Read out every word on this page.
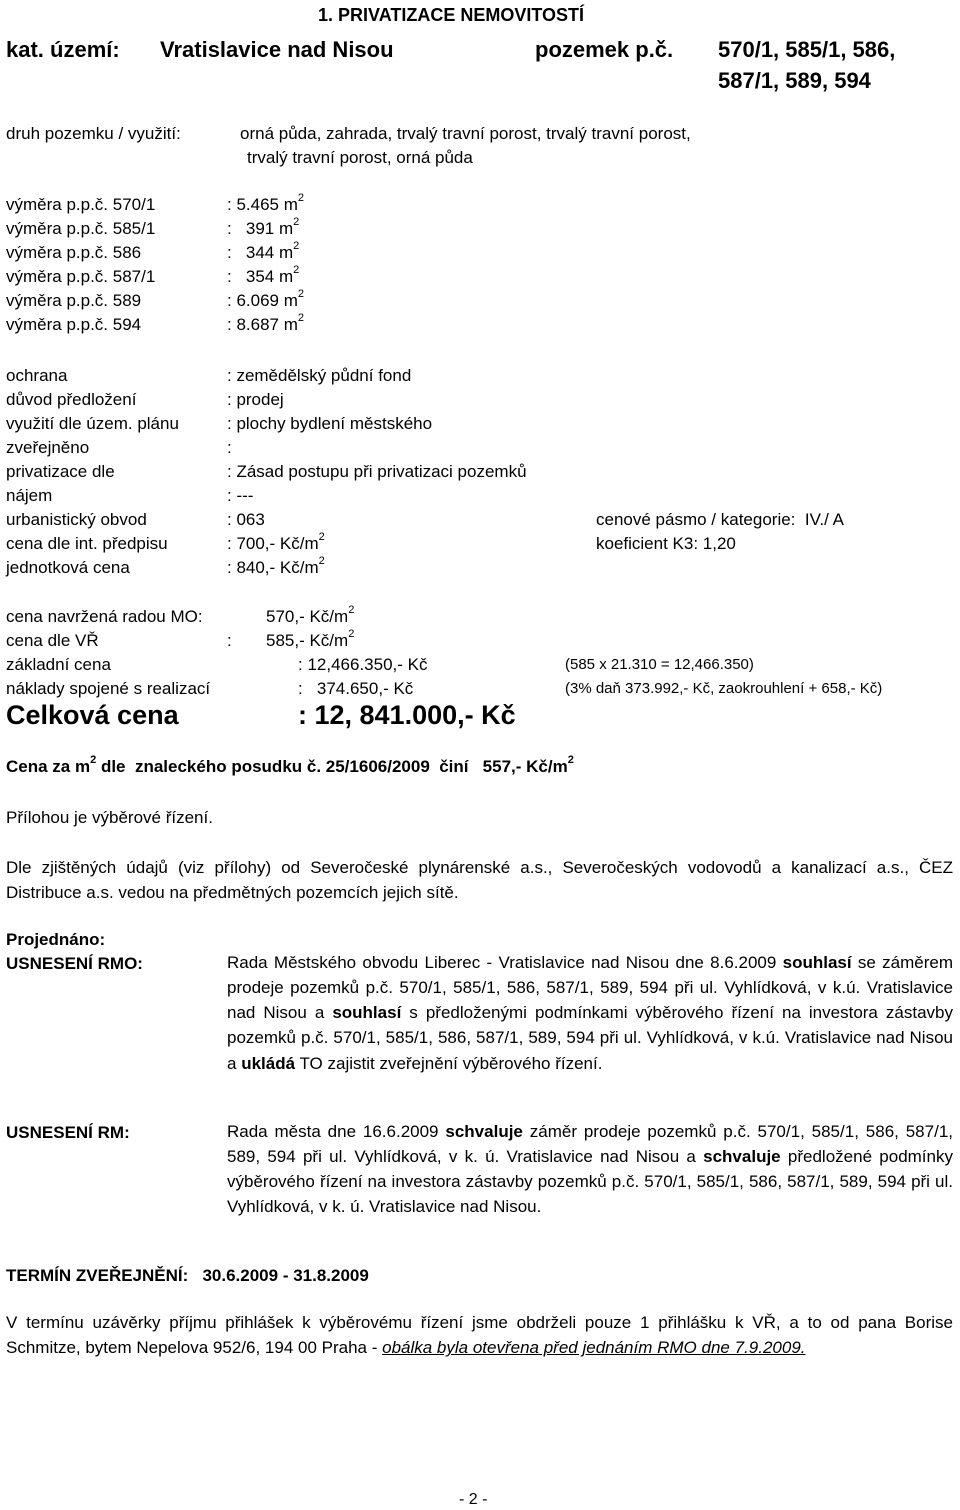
1. PRIVATIZACE NEMOVITOSTÍ
kat. území: Vratislavice nad Nisou	pozemek p.č. 570/1, 585/1, 586,
587/1, 589, 594
druh pozemku / využití:	orná půda, zahrada, trvalý travní porost, trvalý travní porost,
trvalý travní porost, orná půda
výměra p.p.č. 570/1	: 5.465 $m^2$
výměra p.p.č. 585/1	:   391 $m^2$
výměra p.p.č. 586	:   344 $m^2$
výměra p.p.č. 587/1	:   354 $m^2$
výměra p.p.č. 589	: 6.069 $m^2$
výměra p.p.č. 594	: 8.687 $m^2$
ochrana	: zemědělský půdní fond
důvod předložení	: prodej
využití dle územ. plánu	: plochy bydlení městského
zveřejněno	:
privatizace dle	: Zásad postupu při privatizaci pozemků
nájem	: ---
urbanistický obvod	: 063	cenové pásmo / kategorie:  IV./ A
cena dle int. předpisu	: 700,- $Kč/m^2$	koeficient K3: 1,20
jednotková cena	: 840,- $Kč/m^2$
cena navržená radou MO:	570,- $Kč/m^2$
cena dle VŘ	: 585,- $Kč/m^2$
základní cena	: 12,466.350,- Kč	(585 x 21.310 = 12,466.350)
náklady spojené s realizací	:   374.650,- Kč	(3% daň 373.992,- Kč, zaokrouhlení + 658,- Kč)
Celková cena	: 12, 841.000,- Kč
Cena za $m^2$ dle  znaleckého posudku č. 25/1606/2009  činí   557,- $Kč/m^2$
Přílohou je výběrové řízení.
Dle zjištěných údajů (viz přílohy) od Severočeské plynárenské a.s., Severočeských vodovodů a kanalizací a.s., ČEZ Distribuce a.s. vedou na předmětných pozemcích jejich sítě.
Projednáno:
USNESENÍ RMO:	Rada Městského obvodu Liberec - Vratislavice nad Nisou dne 8.6.2009 souhlasí se záměrem prodeje pozemků p.č. 570/1, 585/1, 586, 587/1, 589, 594 při ul. Vyhlídková, v k.ú. Vratislavice nad Nisou a souhlasí s předloženými podmínkami výběrového řízení na investora zástavby pozemků p.č. 570/1, 585/1, 586, 587/1, 589, 594 při ul. Vyhlídková, v k.ú. Vratislavice nad Nisou a ukládá TO zajistit zveřejnění výběrového řízení.
USNESENÍ RM:	Rada města dne 16.6.2009 schvaluje záměr prodeje pozemků p.č. 570/1, 585/1, 586, 587/1, 589, 594 při ul. Vyhlídková, v k. ú. Vratislavice nad Nisou a schvaluje předložené podmínky výběrového řízení na investora zástavby pozemků p.č. 570/1, 585/1, 586, 587/1, 589, 594 při ul. Vyhlídková, v k. ú. Vratislavice nad Nisou.
TERMÍN ZVEŘEJNĚNÍ:   30.6.2009 - 31.8.2009
V termínu uzávěrky příjmu přihlášek k výběrovému řízení jsme obdrželi pouze 1 přihlášku k VŘ, a to od pana Borise Schmitze, bytem Nepelova 952/6, 194 00 Praha - obálka byla otevřena před jednáním RMO dne 7.9.2009.
- 2 -
